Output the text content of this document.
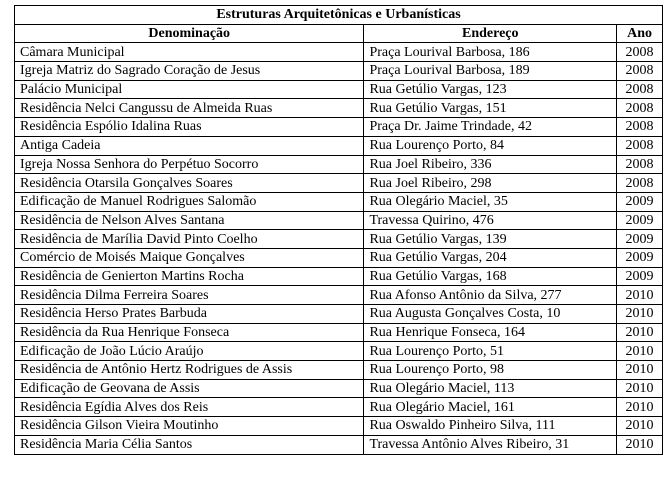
Estruturas Arquitetônicas e Urbanísticas		
Denominação	Endereço	Ano
Câmara Municipal	Praça Lourival Barbosa, 186	2008
Igreja Matriz do Sagrado Coração de Jesus	Praça Lourival Barbosa, 189	2008
Palácio Municipal	Rua Getúlio Vargas, 123	2008
Residência Nelci Cangussu de Almeida Ruas	Rua Getúlio Vargas, 151	2008
Residência Espólio Idalina Ruas	Praça Dr. Jaime Trindade, 42	2008
Antiga Cadeia	Rua Lourenço Porto, 84	2008
Igreja Nossa Senhora do Perpétuo Socorro	Rua Joel Ribeiro, 336	2008
Residência Otarsila Gonçalves Soares	Rua Joel Ribeiro, 298	2008
Edificação de Manuel Rodrigues Salomão	Rua Olegário Maciel, 35	2009
Residência de Nelson Alves Santana	Travessa Quirino, 476	2009
Residência de Marília David Pinto Coelho	Rua Getúlio Vargas, 139	2009
Comércio de Moisés Maique Gonçalves	Rua Getúlio Vargas, 204	2009
Residência de Genierton Martins Rocha	Rua Getúlio Vargas, 168	2009
Residência Dilma Ferreira Soares	Rua Afonso Antônio da Silva, 277	2010
Residência Herso Prates Barbuda	Rua Augusta Gonçalves Costa, 10	2010
Residência da Rua Henrique Fonseca	Rua Henrique Fonseca, 164	2010
Edificação de João Lúcio Araújo	Rua Lourenço Porto, 51	2010
Residência de Antônio Hertz Rodrigues de Assis	Rua Lourenço Porto, 98	2010
Edificação de Geovana de Assis	Rua Olegário Maciel, 113	2010
Residência Egídia Alves dos Reis	Rua Olegário Maciel, 161	2010
Residência Gilson Vieira Moutinho	Rua Oswaldo Pinheiro Silva, 111	2010
Residência Maria Célia Santos	Travessa Antônio Alves Ribeiro, 31	2010
